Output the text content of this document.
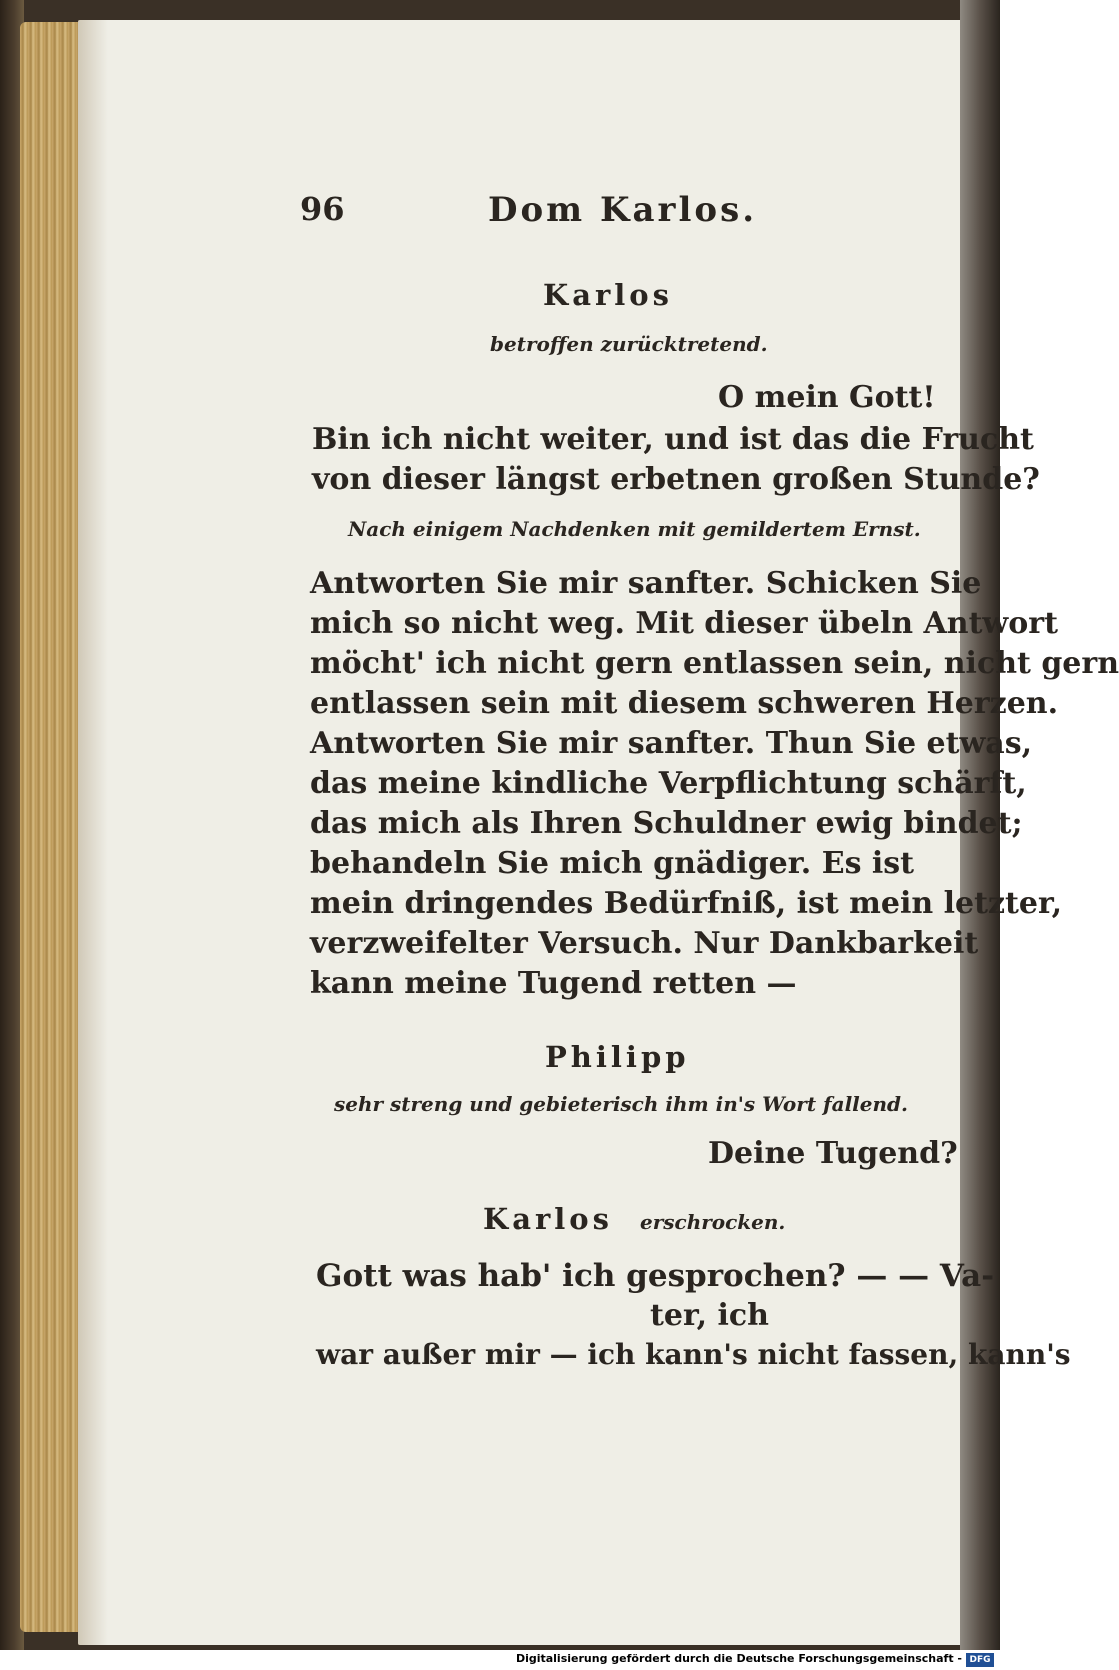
96	Dom Karlos.
Karlos
betroffen zurücktretend.
O mein Gott!
Bin ich nicht weiter, und ist das die Frucht
von dieser längst erbetnen großen Stunde?
Nach einigem Nachdenken mit gemildertem Ernst.
Antworten Sie mir sanfter. Schicken Sie
mich so nicht weg. Mit dieser übeln Antwort
möcht' ich nicht gern entlassen sein, nicht gern
entlassen sein mit diesem schweren Herzen.
Antworten Sie mir sanfter. Thun Sie etwas,
das meine kindliche Verpflichtung schärft,
das mich als Ihren Schuldner ewig bindet;
behandeln Sie mich gnädiger. Es ist
mein dringendes Bedürfniß, ist mein letzter,
verzweifelter Versuch. Nur Dankbarkeit
kann meine Tugend retten —
Philipp
sehr streng und gebieterisch ihm in's Wort fallend.
Deine Tugend?
Karlos erschrocken.
Gott was hab' ich gesprochen? — — Va-
ter, ich
war außer mir — ich kann's nicht fassen, kann's
Digitalisierung gefördert durch die Deutsche Forschungsgemeinschaft - DFG
